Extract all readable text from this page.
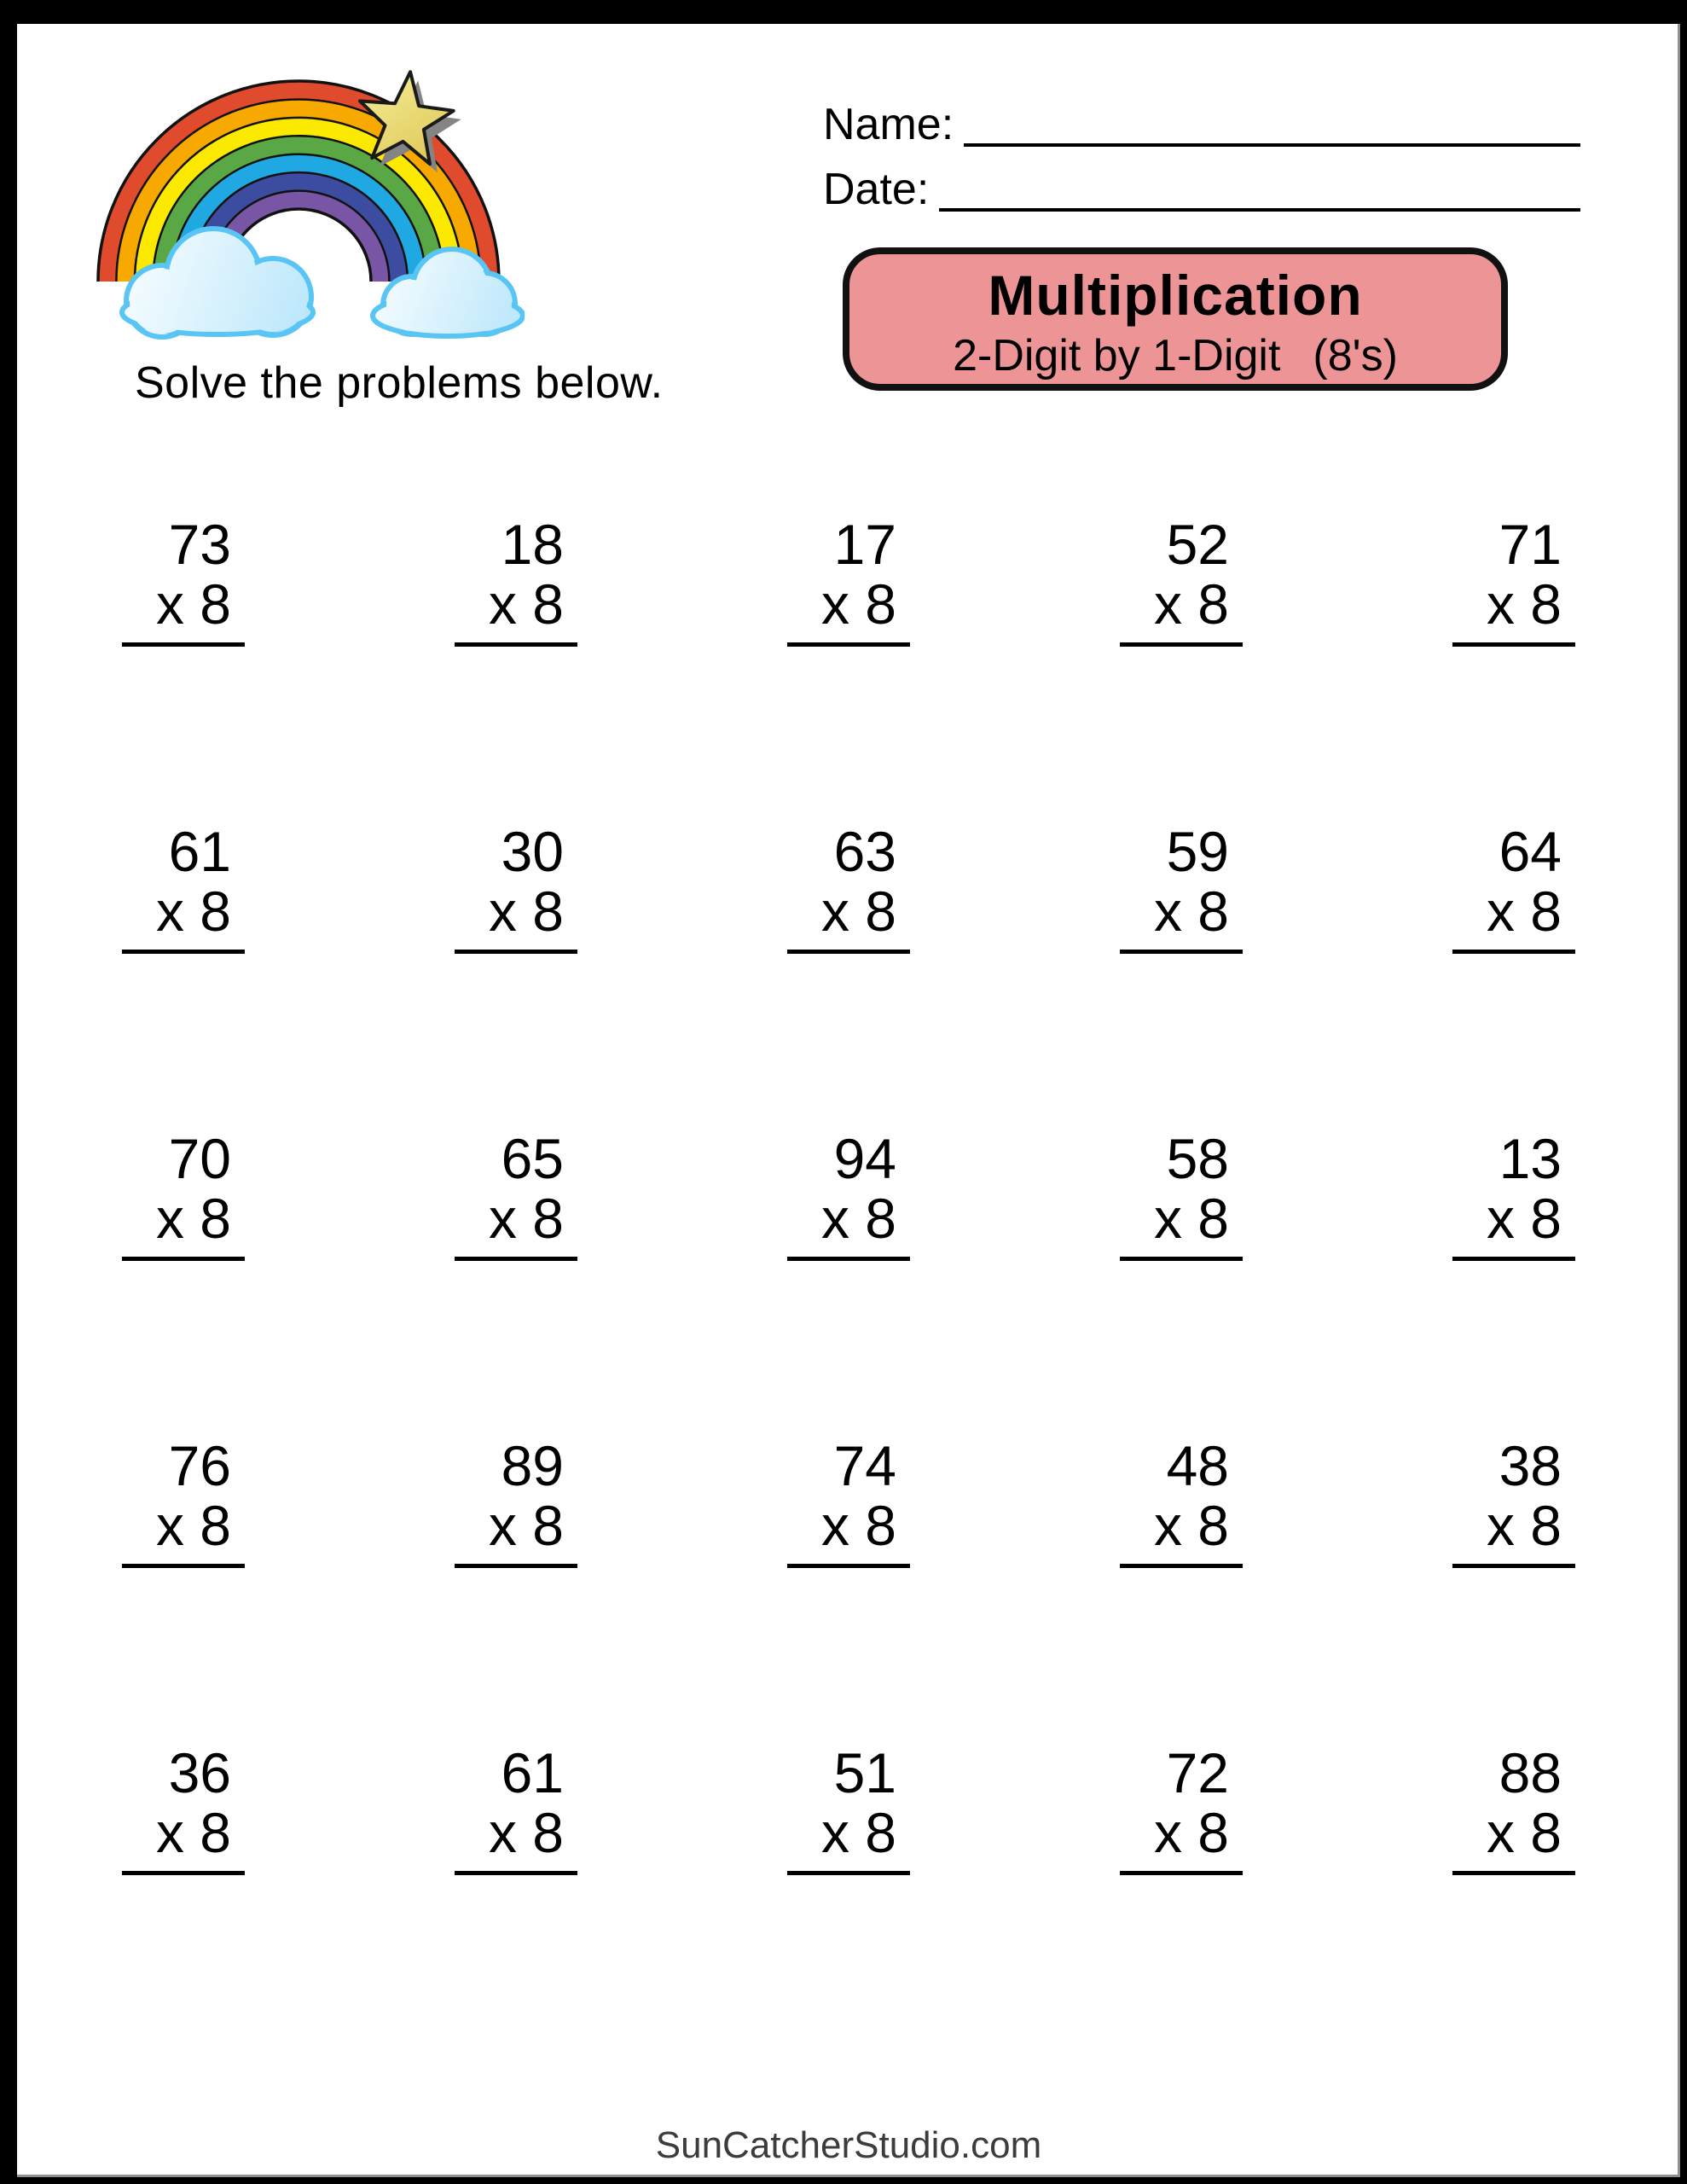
Solve the problems below.
Name:
Date:
Multiplication
2-Digit by 1-Digit (8's)
73
x 8
18
x 8
17
x 8
52
x 8
71
x 8
61
x 8
30
x 8
63
x 8
59
x 8
64
x 8
70
x 8
65
x 8
94
x 8
58
x 8
13
x 8
76
x 8
89
x 8
74
x 8
48
x 8
38
x 8
36
x 8
61
x 8
51
x 8
72
x 8
88
x 8
SunCatcherStudio.com
